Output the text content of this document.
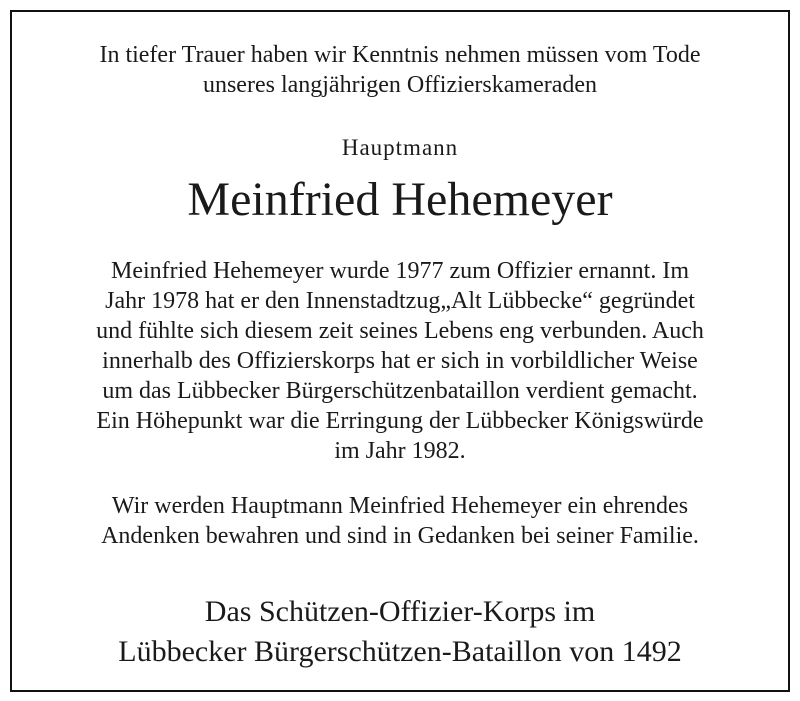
In tiefer Trauer haben wir Kenntnis nehmen müssen vom Tode
unseres langjährigen Offizierskameraden
Hauptmann
Meinfried Hehemeyer
Meinfried Hehemeyer wurde 1977 zum Offizier ernannt. Im
Jahr 1978 hat er den Innenstadtzug„Alt Lübbecke“ gegründet
und fühlte sich diesem zeit seines Lebens eng verbunden. Auch
innerhalb des Offizierskorps hat er sich in vorbildlicher Weise
um das Lübbecker Bürgerschützenbataillon verdient gemacht.
Ein Höhepunkt war die Erringung der Lübbecker Königswürde
im Jahr 1982.
Wir werden Hauptmann Meinfried Hehemeyer ein ehrendes
Andenken bewahren und sind in Gedanken bei seiner Familie.
Das Schützen-Offizier-Korps im
Lübbecker Bürgerschützen-Bataillon von 1492
